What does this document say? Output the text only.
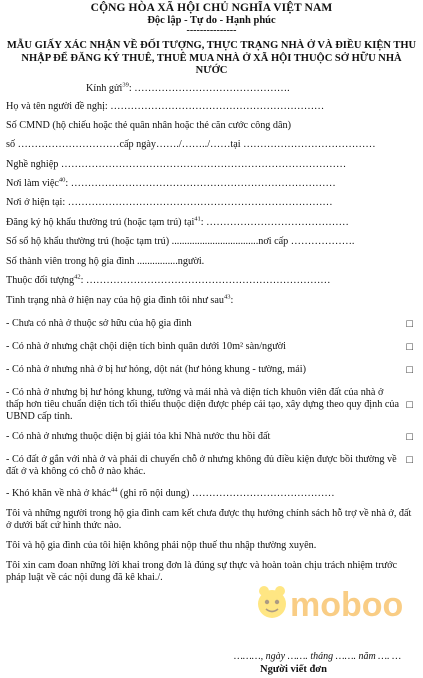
CỘNG HÒA XÃ HỘI CHỦ NGHĨA VIỆT NAM
Độc lập - Tự do - Hạnh phúc
---------------
MẪU GIẤY XÁC NHẬN VỀ ĐỐI TƯỢNG, THỰC TRẠNG NHÀ Ở VÀ ĐIỀU KIỆN THU NHẬP ĐỂ ĐĂNG KÝ THUÊ, THUÊ MUA NHÀ Ở XÃ HỘI THUỘC SỞ HỮU NHÀ NƯỚC
Kính gửi$^{39}$: ……………………………………….
Họ và tên người đề nghị: ………………………………………………………
Số CMND (hộ chiếu hoặc thẻ quân nhân hoặc thẻ căn cước công dân)
số …………………………cấp ngày……./……../……tại …………………………………
Nghề nghiệp …………………………………………………………………………
Nơi làm việc$^{40}$: ……………………………………………………………………
Nơi ở hiện tại: ……………………………………………………………………
Đăng ký hộ khẩu thường trú (hoặc tạm trú) tại$^{41}$: ……………………………………
Số sổ hộ khẩu thường trú (hoặc tạm trú) ..................................nơi cấp ……………….
Số thành viên trong hộ gia đình ................người.
Thuộc đối tượng$^{42}$: ………………………………………………………………
Tình trạng nhà ở hiện nay của hộ gia đình tôi như sau$^{43}$:
- Chưa có nhà ở thuộc sở hữu của hộ gia đình	□
- Có nhà ở nhưng chật chội diện tích bình quân dưới 10m² sàn/người	□
- Có nhà ở nhưng nhà ở bị hư hỏng, dột nát (hư hỏng khung - tường, mái)	□
- Có nhà ở nhưng bị hư hỏng khung, tường và mái nhà và diện tích khuôn viên đất của nhà ở thấp hơn tiêu chuẩn diện tích tối thiểu thuộc diện được phép cải tạo, xây dựng theo quy định của UBND cấp tỉnh.
□
- Có nhà ở nhưng thuộc diện bị giải tỏa khi Nhà nước thu hồi đất	□
- Có đất ở gắn với nhà ở và phải di chuyển chỗ ở nhưng không đủ điều kiện được bồi thường về đất ở và không có chỗ ở nào khác.
□
- Khó khăn về nhà ở khác$^{44}$ (ghi rõ nội dung) ……………………………………
Tôi và những người trong hộ gia đình cam kết chưa được thụ hưởng chính sách hỗ trợ về nhà ở, đất ở dưới bất cứ hình thức nào.
Tôi và hộ gia đình của tôi hiện không phải nộp thuế thu nhập thường xuyên.
Tôi xin cam đoan những lời khai trong đơn là đúng sự thực và hoàn toàn chịu trách nhiệm trước pháp luật về các nội dung đã kê khai./.
………, ngày ……. tháng ……. năm …. …
Người viết đơn
moboo
